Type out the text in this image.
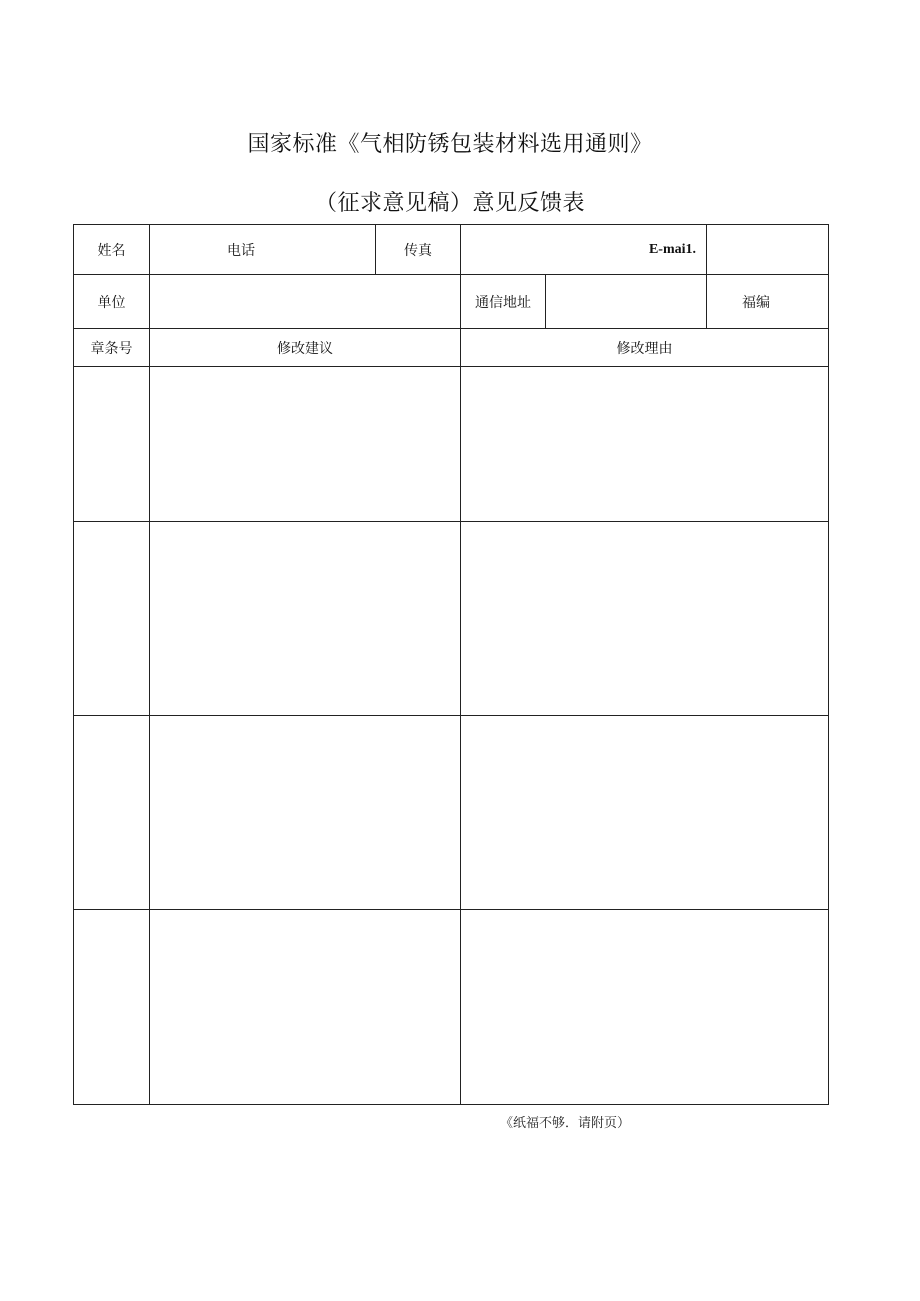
国家标准《气相防锈包装材料选用通则》
（征求意见稿）意见反馈表
姓名	电话	传真	E-mai1.		
单位			通信地址		福编
章条号	修改建议		修改理由		

《纸福不够．请附页）
